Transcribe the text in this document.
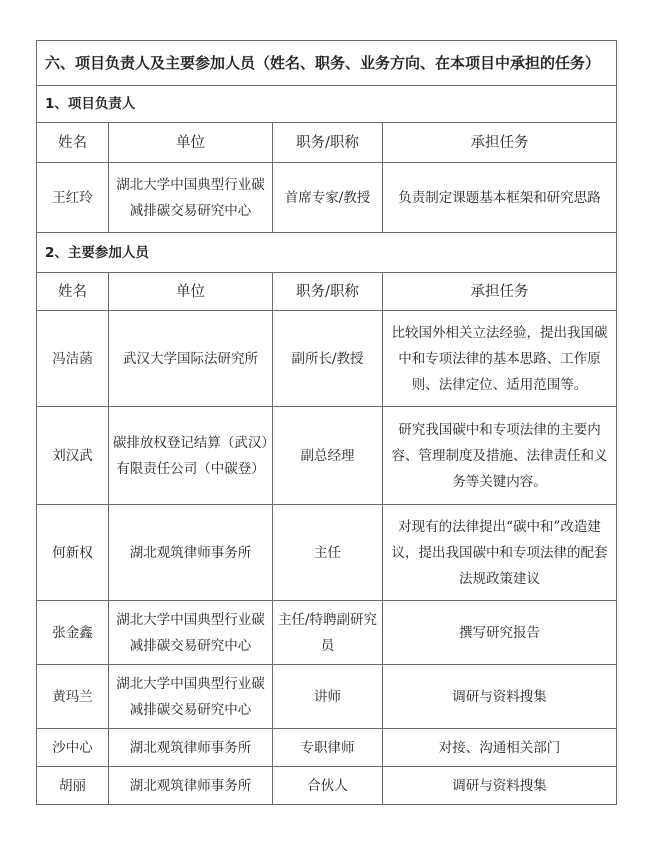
六、项目负责人及主要参加人员（姓名、职务、业务方向、在本项目中承担的任务）			
1、项目负责人			
姓名	单位	职务/职称	承担任务
王红玲	湖北大学中国典型行业碳减排碳交易研究中心	首席专家/教授	负责制定课题基本框架和研究思路
2、主要参加人员			
姓名	单位	职务/职称	承担任务
冯洁菡	武汉大学国际法研究所	副所长/教授	比较国外相关立法经验，提出我国碳中和专项法律的基本思路、工作原则、法律定位、适用范围等。
刘汉武	碳排放权登记结算（武汉）有限责任公司（中碳登）	副总经理	研究我国碳中和专项法律的主要内容、管理制度及措施、法律责任和义务等关键内容。
何新权	湖北观筑律师事务所	主任	对现有的法律提出“碳中和”改造建议，提出我国碳中和专项法律的配套法规政策建议
张金鑫	湖北大学中国典型行业碳减排碳交易研究中心	主任/特聘副研究员	撰写研究报告
黄玛兰	湖北大学中国典型行业碳减排碳交易研究中心	讲师	调研与资料搜集
沙中心	湖北观筑律师事务所	专职律师	对接、沟通相关部门
胡丽	湖北观筑律师事务所	合伙人	调研与资料搜集
